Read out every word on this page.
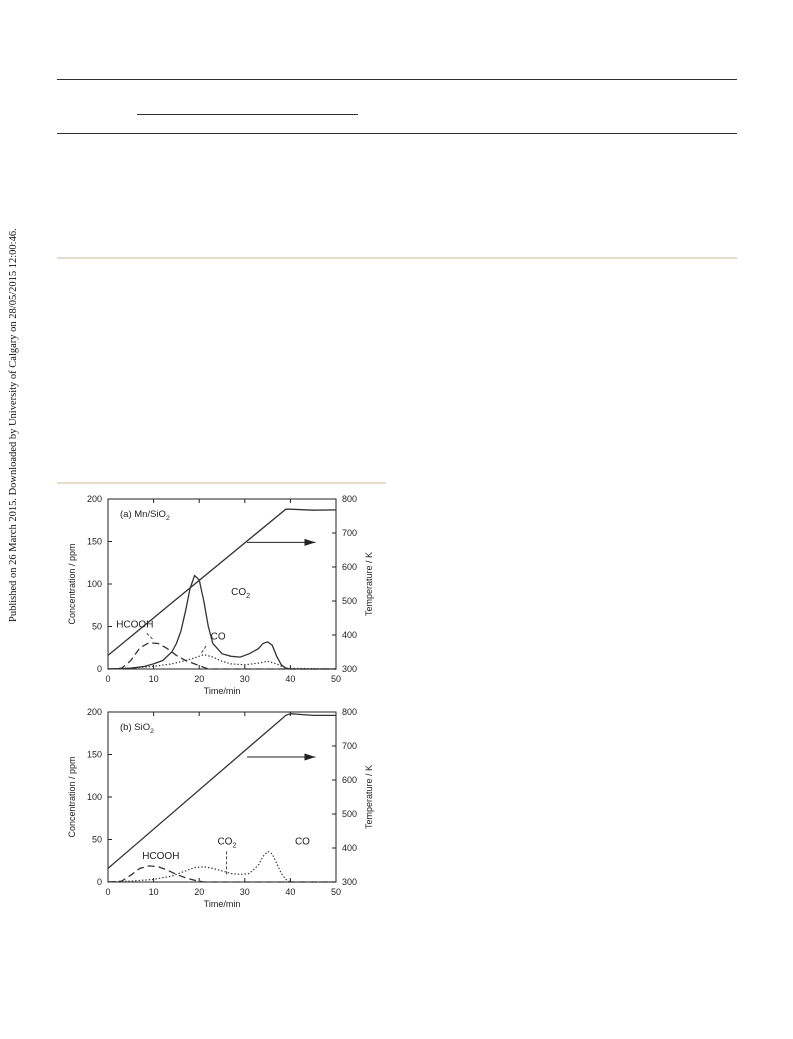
Published on 26 March 2015. Downloaded by University of Calgary on 28/05/2015 12:00:46.
0	10	20	30	40	50
0
50
100
150
200
300
400
500
600
700
800
Time/min
Concentration / ppm	Temperature / K
(a) Mn/SiO$_2$
HCOOH
$CO_2$
CO
0	10	20	30	40	50
0
50
100
150
200
300
400
500
600
700
800
Time/min
Concentration / ppm	Temperature / K
(b) SiO$_2$
HCOOH
$CO_2$	CO
